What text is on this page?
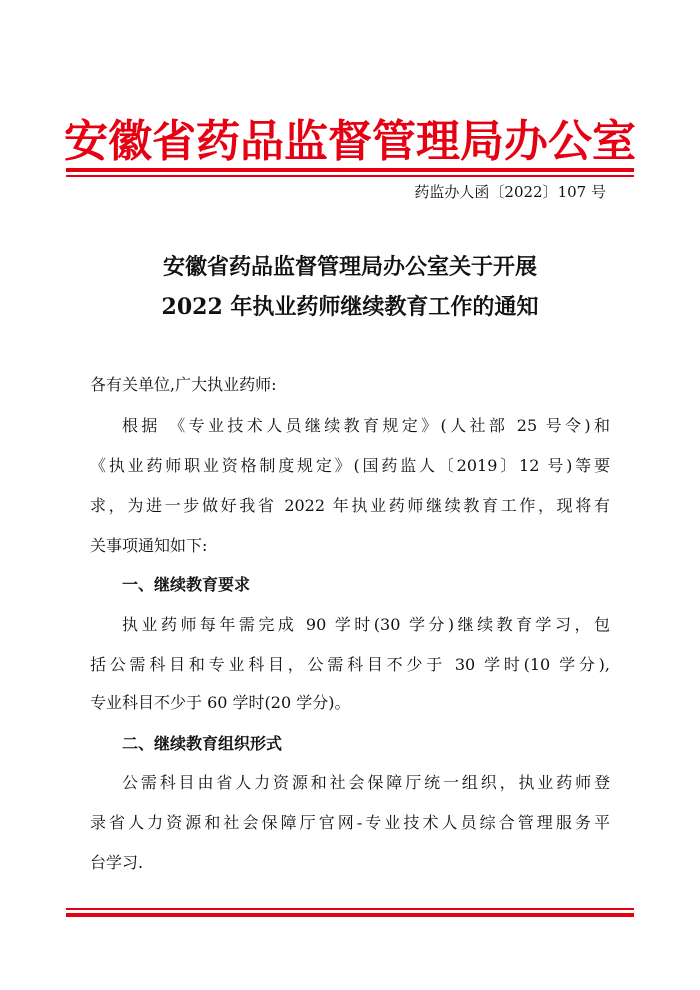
安徽省药品监督管理局办公室
药监办人函〔2022〕107 号
安徽省药品监督管理局办公室关于开展
2022 年执业药师继续教育工作的通知
各有关单位,广大执业药师:
根据 《专业技术人员继续教育规定》(人社部 25 号令)和
《执业药师职业资格制度规定》(国药监人〔2019〕12 号)等要
求，为进一步做好我省 2022 年执业药师继续教育工作，现将有
关事项通知如下:
一、继续教育要求
执业药师每年需完成 90 学时(30 学分)继续教育学习，包
括公需科目和专业科目，公需科目不少于 30 学时(10 学分),
专业科目不少于 60 学时(20 学分)。
二、继续教育组织形式
公需科目由省人力资源和社会保障厅统一组织，执业药师登
录省人力资源和社会保障厅官网-专业技术人员综合管理服务平
台学习.
